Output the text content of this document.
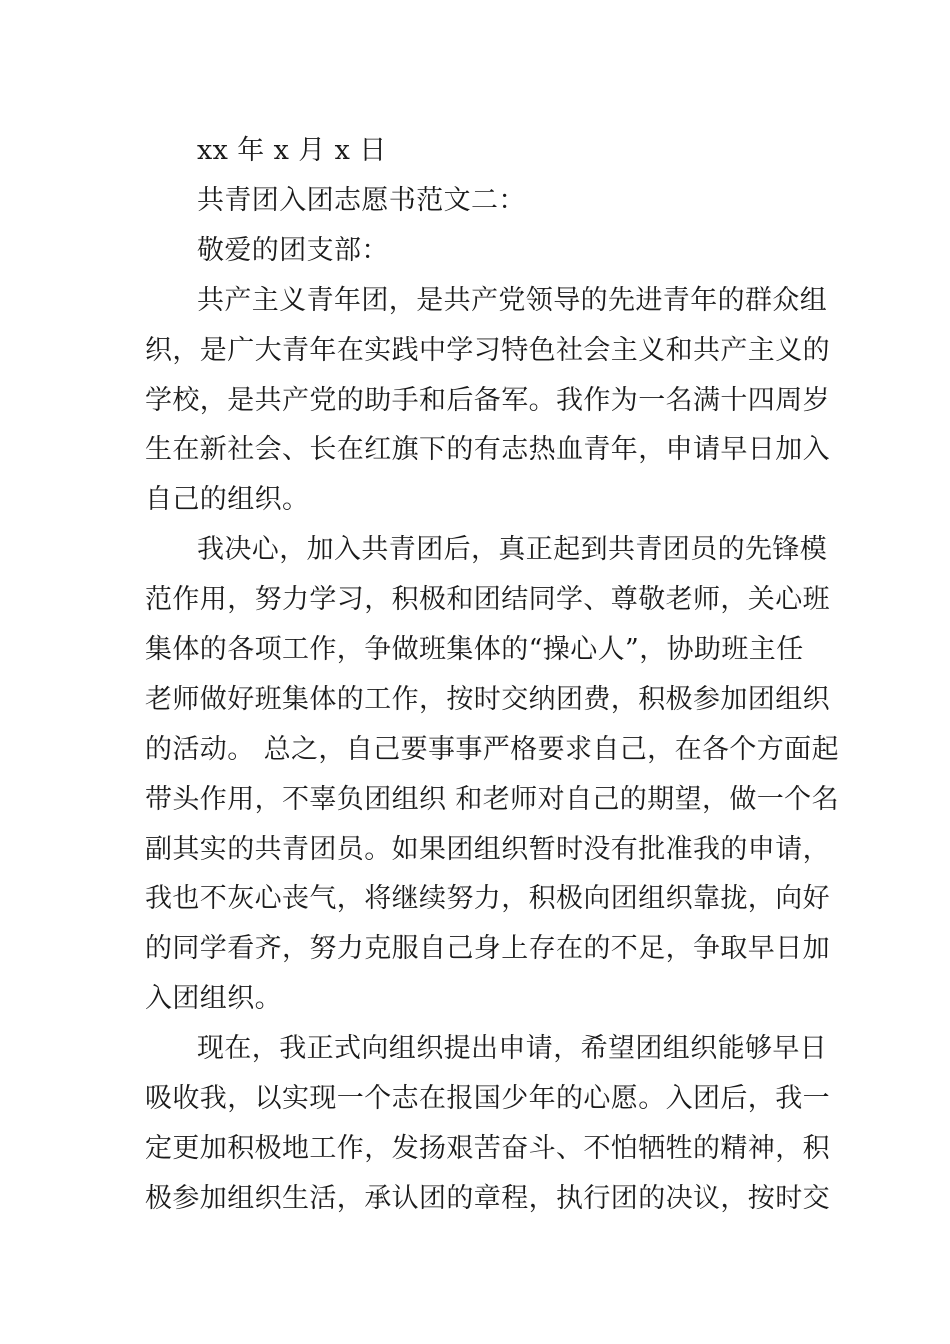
xx 年 x 月 x 日
共青团入团志愿书范文二：
敬爱的团支部：
共产主义青年团，是共产党领导的先进青年的群众组
织，是广大青年在实践中学习特色社会主义和共产主义的
学校，是共产党的助手和后备军。我作为一名满十四周岁
生在新社会、长在红旗下的有志热血青年，申请早日加入
自己的组织。
我决心，加入共青团后，真正起到共青团员的先锋模
范作用，努力学习，积极和团结同学、尊敬老师，关心班
集体的各项工作，争做班集体的“操心人”，协助班主任
老师做好班集体的工作，按时交纳团费，积极参加团组织
的活动。 总之，自己要事事严格要求自己，在各个方面起
带头作用，不辜负团组织 和老师对自己的期望，做一个名
副其实的共青团员。如果团组织暂时没有批准我的申请，
我也不灰心丧气，将继续努力，积极向团组织靠拢，向好
的同学看齐，努力克服自己身上存在的不足，争取早日加
入团组织。
现在，我正式向组织提出申请，希望团组织能够早日
吸收我，以实现一个志在报国少年的心愿。入团后，我一
定更加积极地工作，发扬艰苦奋斗、不怕牺牲的精神，积
极参加组织生活，承认团的章程，执行团的决议，按时交
